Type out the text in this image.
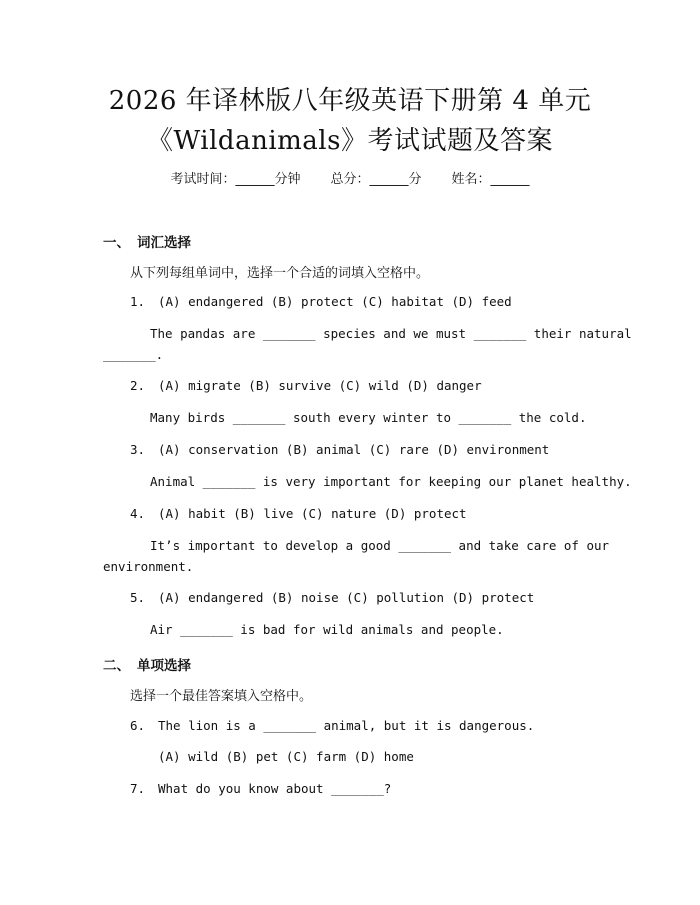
2026 年译林版八年级英语下册第 4 单元
《Wildanimals》考试试题及答案
考试时间：______分钟 总分：______分 姓名：______
一、 词汇选择
从下列每组单词中，选择一个合适的词填入空格中。
1. (A) endangered (B) protect (C) habitat (D) feed
The pandas are _______ species and we must _______ their natural
_______.
2. (A) migrate (B) survive (C) wild (D) danger
Many birds _______ south every winter to _______ the cold.
3. (A) conservation (B) animal (C) rare (D) environment
Animal _______ is very important for keeping our planet healthy.
4. (A) habit (B) live (C) nature (D) protect
It’s important to develop a good _______ and take care of our
environment.
5. (A) endangered (B) noise (C) pollution (D) protect
Air _______ is bad for wild animals and people.
二、 单项选择
选择一个最佳答案填入空格中。
6. The lion is a _______ animal, but it is dangerous.
(A) wild (B) pet (C) farm (D) home
7. What do you know about _______?
